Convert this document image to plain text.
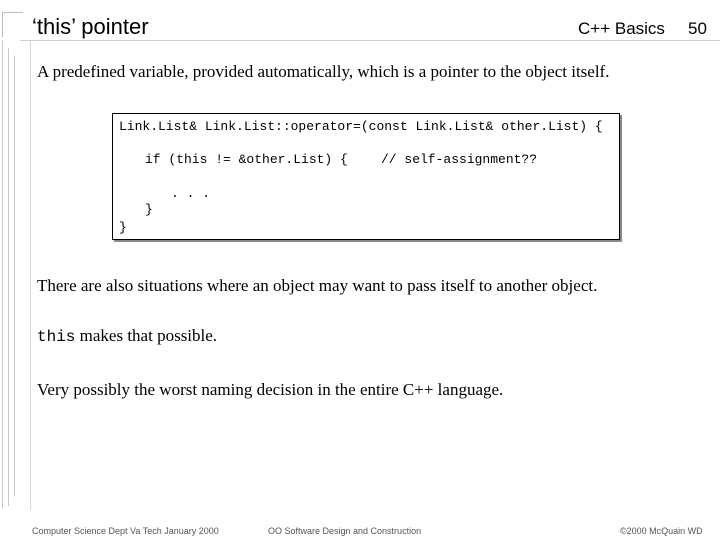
‘this’ pointer	C++ Basics 50
A predefined variable, provided automatically, which is a pointer to the object itself.
Link.List& Link.List::operator=(const Link.List& other.List) {
if (this != &other.List) {	// self-assignment??
. . .
}
}
There are also situations where an object may want to pass itself to another object.
this makes that possible.
Very possibly the worst naming decision in the entire C++ language.
Computer Science Dept Va Tech January 2000	OO Software Design and Construction	©2000 McQuain WD
